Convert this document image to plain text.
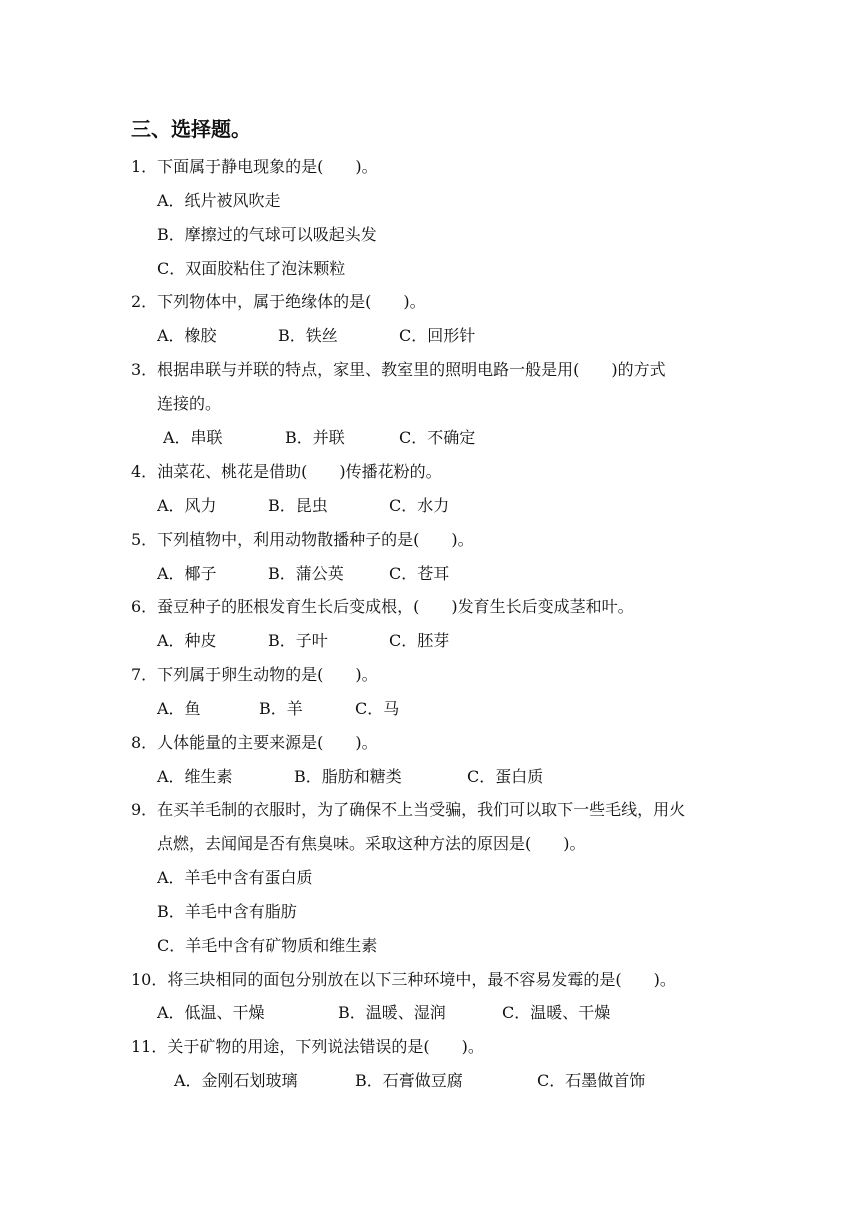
三、选择题。
1．下面属于静电现象的是(　　)。
A．纸片被风吹走
B．摩擦过的气球可以吸起头发
C．双面胶粘住了泡沫颗粒
2．下列物体中，属于绝缘体的是(　　)。
A．橡胶	B．铁丝	C．回形针
3．根据串联与并联的特点，家里、教室里的照明电路一般是用(　　)的方式
连接的。
A．串联	B．并联	C．不确定
4．油菜花、桃花是借助(　　)传播花粉的。
A．风力	B．昆虫	C．水力
5．下列植物中，利用动物散播种子的是(　　)。
A．椰子	B．蒲公英	C．苍耳
6．蚕豆种子的胚根发育生长后变成根，(　　)发育生长后变成茎和叶。
A．种皮	B．子叶	C．胚芽
7．下列属于卵生动物的是(　　)。
A．鱼	B．羊	C．马
8．人体能量的主要来源是(　　)。
A．维生素	B．脂肪和糖类	C．蛋白质
9．在买羊毛制的衣服时，为了确保不上当受骗，我们可以取下一些毛线，用火
点燃，去闻闻是否有焦臭味。采取这种方法的原因是(　　)。
A．羊毛中含有蛋白质
B．羊毛中含有脂肪
C．羊毛中含有矿物质和维生素
10．将三块相同的面包分别放在以下三种环境中，最不容易发霉的是(　　)。
A．低温、干燥	B．温暖、湿润	C．温暖、干燥
11．关于矿物的用途，下列说法错误的是(　　)。
A．金刚石划玻璃	B．石膏做豆腐	C．石墨做首饰
